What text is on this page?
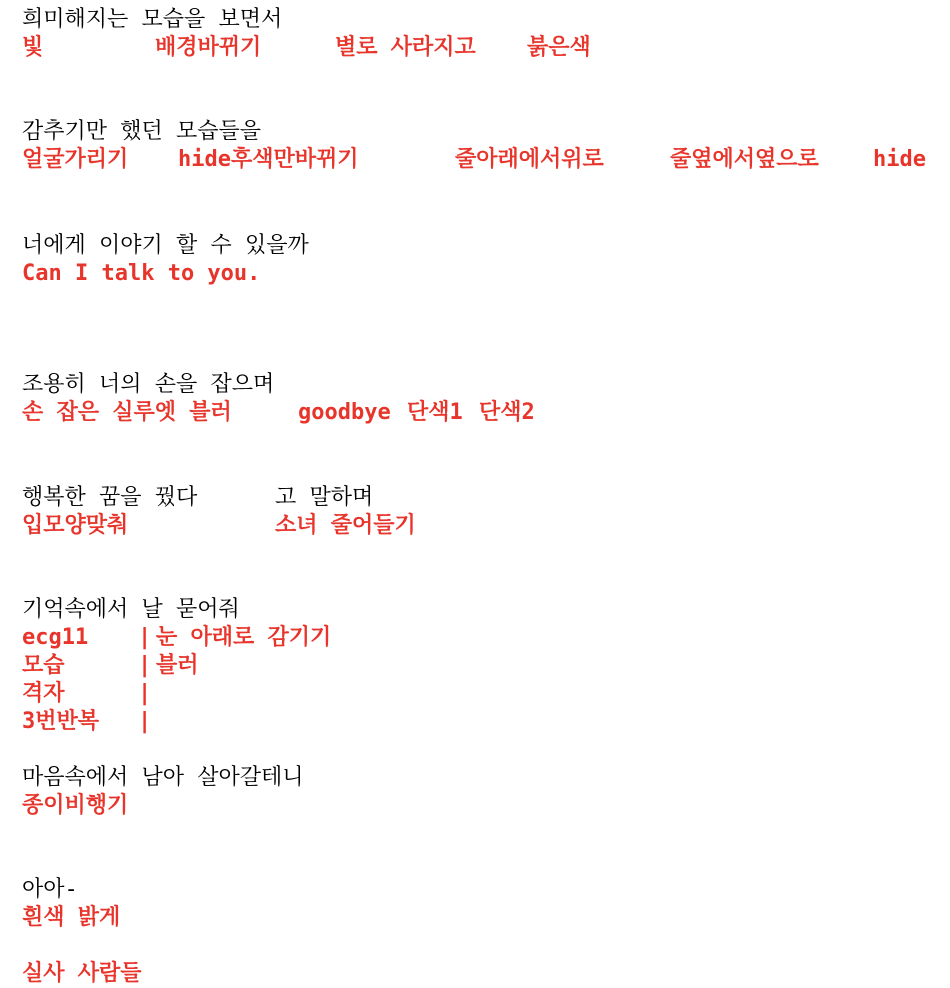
희미해지는 모습을 보면서
빛	배경바뀌기	별로 사라지고 붉은색
감추기만 했던 모습들을
얼굴가리기 hide후색만바뀌기	줄아래에서위로	줄옆에서옆으로 hide
너에게 이야기 할 수 있을까
Can I talk to you.
조용히 너의 손을 잡으며
손 잡은 실루엣 블러	goodbye 단색1 단색2
행복한 꿈을 꿨다	고 말하며
입모양맞춰	소녀 줄어들기
기억속에서 날 묻어줘
ecg11 | 눈 아래로 감기기
모습	| 블러
격자	|
3번반복 |
마음속에서 남아 살아갈테니
종이비행기
아아-
흰색 밝게
실사 사람들
